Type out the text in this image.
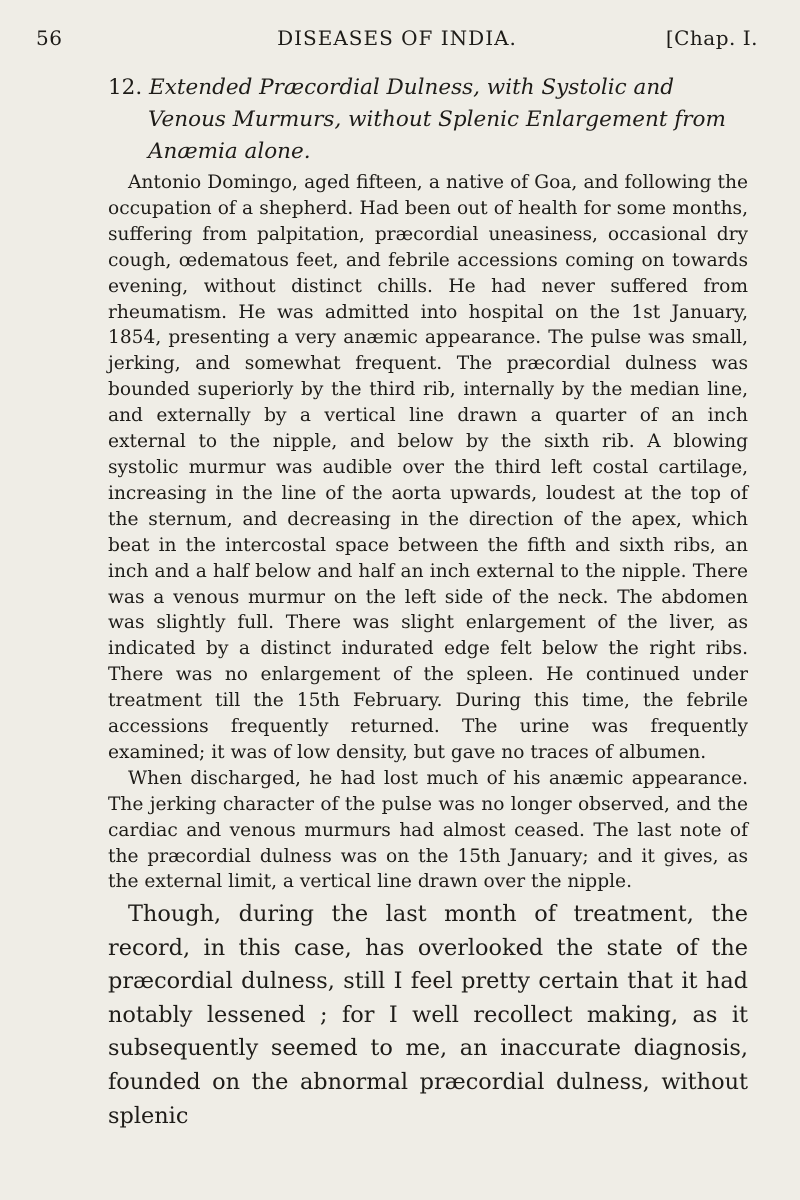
56	DISEASES OF INDIA.	[Chap. I.
12. Extended Præcordial Dulness, with Systolic and
Venous Murmurs, without Splenic Enlargement from
Anæmia alone.

Antonio Domingo, aged fifteen, a native of Goa, and following the occupation of a shepherd. Had been out of health for some months, suffering from palpitation, præcordial uneasiness, occasional dry cough, œdematous feet, and febrile accessions coming on towards evening, without distinct chills. He had never suffered from rheumatism. He was admitted into hospital on the 1st January, 1854, presenting a very anæmic appearance. The pulse was small, jerking, and somewhat frequent. The præcordial dulness was bounded superiorly by the third rib, internally by the median line, and externally by a vertical line drawn a quarter of an inch external to the nipple, and below by the sixth rib. A blowing systolic murmur was audible over the third left costal cartilage, increasing in the line of the aorta upwards, loudest at the top of the sternum, and decreasing in the direction of the apex, which beat in the intercostal space between the fifth and sixth ribs, an inch and a half below and half an inch external to the nipple. There was a venous murmur on the left side of the neck. The abdomen was slightly full. There was slight enlargement of the liver, as indicated by a distinct indurated edge felt below the right ribs. There was no enlargement of the spleen. He continued under treatment till the 15th February. During this time, the febrile accessions frequently returned. The urine was frequently examined; it was of low density, but gave no traces of albumen.

When discharged, he had lost much of his anæmic appearance. The jerking character of the pulse was no longer observed, and the cardiac and venous murmurs had almost ceased. The last note of the præcordial dulness was on the 15th January; and it gives, as the external limit, a vertical line drawn over the nipple.

Though, during the last month of treatment, the record, in this case, has overlooked the state of the præcordial dulness, still I feel pretty certain that it had notably lessened ; for I well recollect making, as it subsequently seemed to me, an inaccurate diagnosis, founded on the abnormal præcordial dulness, without splenic
